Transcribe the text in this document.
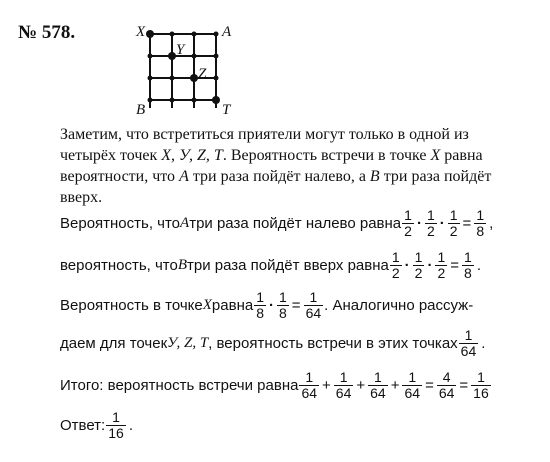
№ 578.	X	A
Y
Z
B	T

Заметим, что встретиться приятели могут только в одной из четырёх точек X, У, Z, T. Вероятность встречи в точке X равна вероятности, что A три раза пойдёт налево, а B три раза пойдёт вверх.

Вероятность, что A три раза пойдёт налево равна $\frac{1}{2} \cdot \frac{1}{2} \cdot \frac{1}{2} = \frac{1}{8}$ ,
вероятность, что B три раза пойдёт вверх равна $\frac{1}{2} \cdot \frac{1}{2} \cdot \frac{1}{2} = \frac{1}{8}$ .
Вероятность в точке X равна $\frac{1}{8} \cdot \frac{1}{8} = \frac{1}{64}$ . Аналогично рассуж-
даем для точек У, Z, T , вероятность встречи в этих точках $\frac{1}{64}$ .
Итого: вероятность встречи равна $\frac{1}{64} + \frac{1}{64} + \frac{1}{64} + \frac{1}{64} = \frac{4}{64} = \frac{1}{16}$
Ответ: $\frac{1}{16}$ .
